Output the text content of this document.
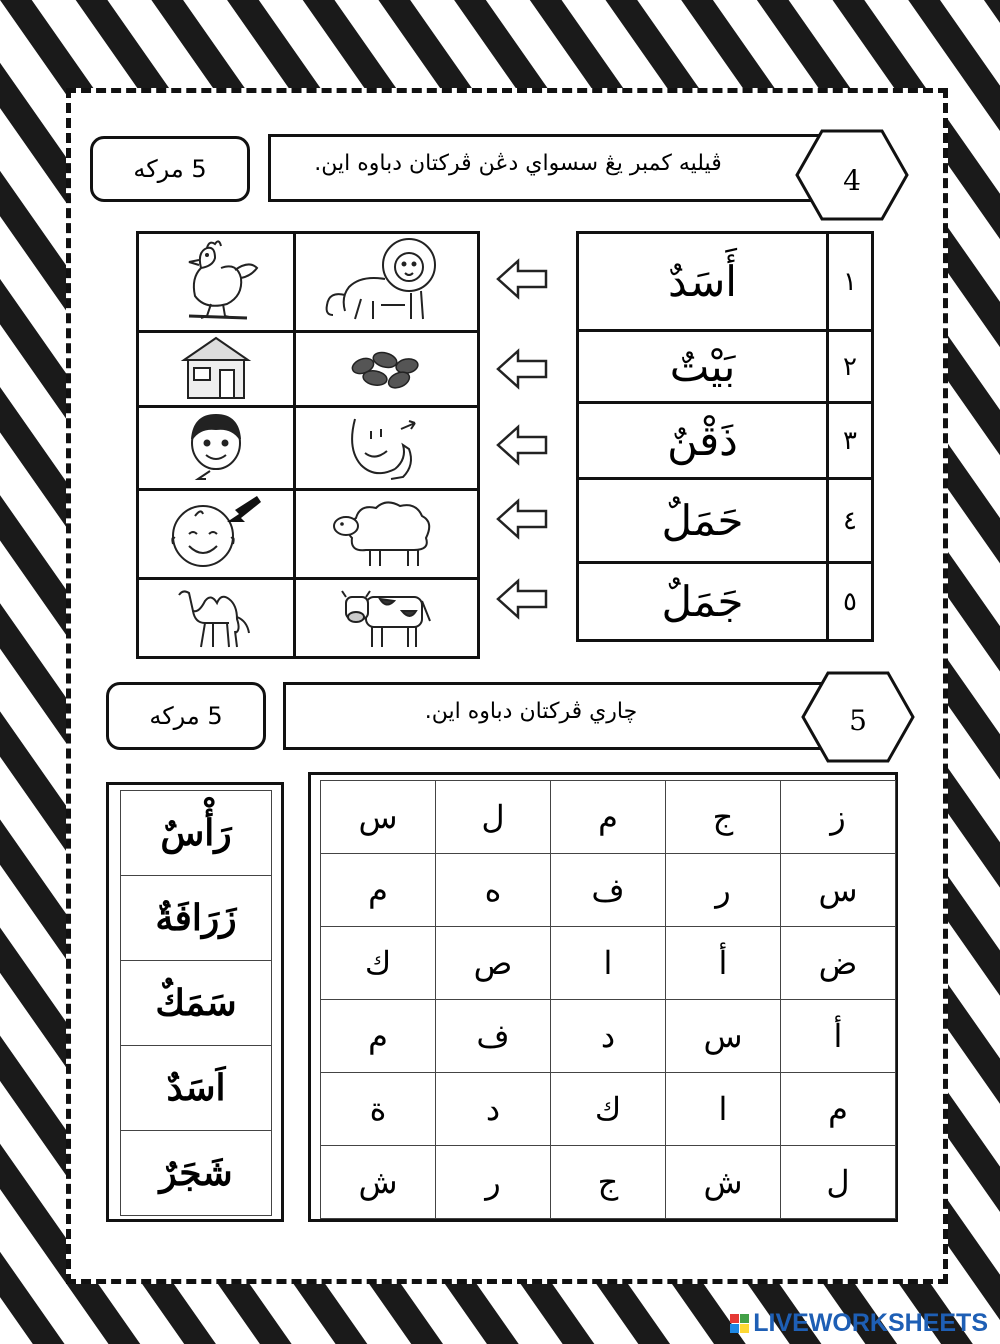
5 مركه	ڤيليه کمبر يڠ سسواي دڠن ڤرکتان دباوه اين.
4
أَسَدٌ	١
بَيْتٌ	٢
ذَقْنٌ	٣
حَمَلٌ	٤
جَمَلٌ	٥

5 مركه	چاري ڤرکتان دباوه اين.	5
رَأْسٌ
زَرَافَةٌ
سَمَكٌ
اَسَدٌ
شَجَرٌ
ز	ج	م	ل	س
س	ر	ف	ه	م
ض	أ	ا	ص	ك
أ	س	د	ف	م
م	ا	ك	د	ة
ل	ش	ج	ر	ش
LIVEWORKSHEETS
